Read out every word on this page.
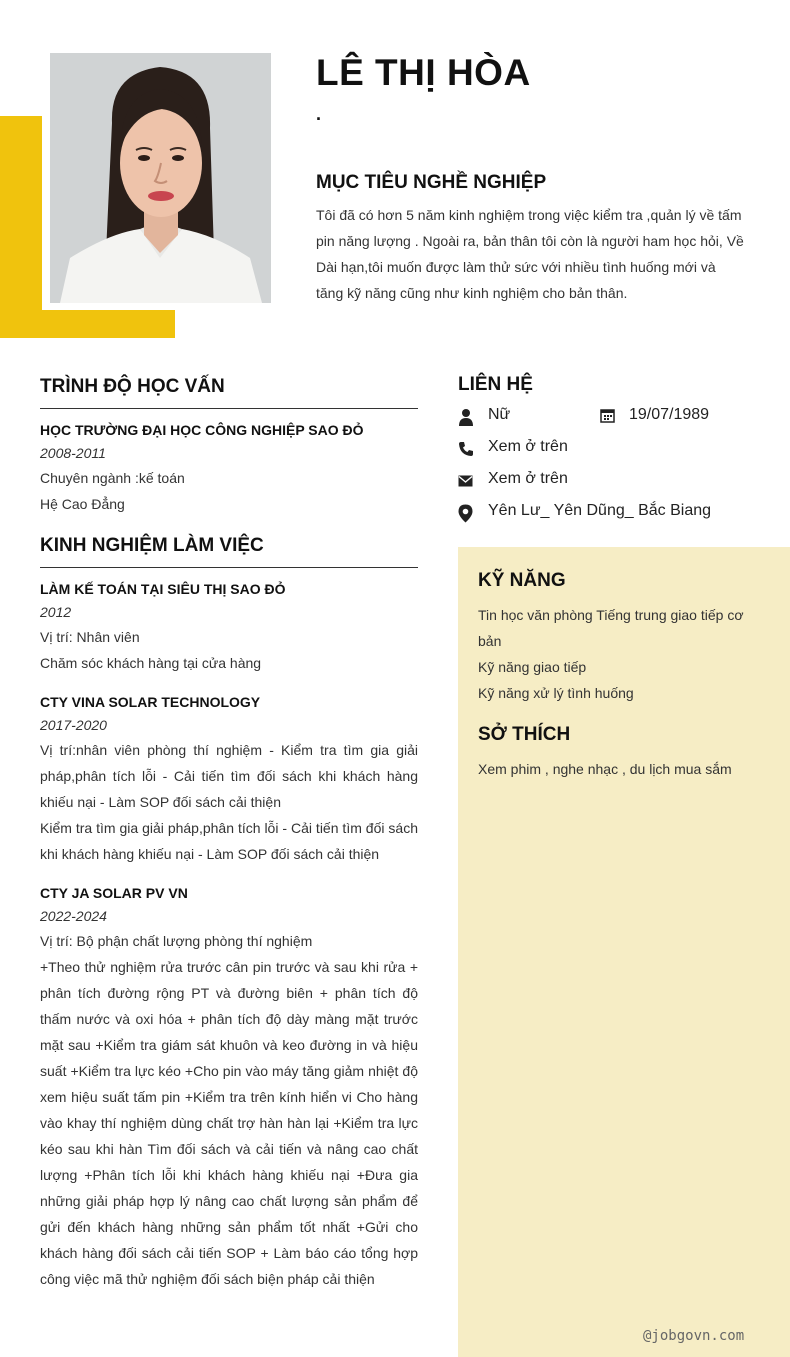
LÊ THỊ HÒA
.
MỤC TIÊU NGHỀ NGHIỆP
Tôi đã có hơn 5 năm kinh nghiệm trong việc kiểm tra ,quản lý về tấm pin năng lượng . Ngoài ra, bản thân tôi còn là người ham học hỏi, Về Dài hạn,tôi muốn được làm thử sức với nhiều tình huống mới và tăng kỹ năng cũng như kinh nghiệm cho bản thân.
TRÌNH ĐỘ HỌC VẤN
HỌC TRƯỜNG ĐẠI HỌC CÔNG NGHIỆP SAO ĐỎ
2008-2011
Chuyên ngành :kế toán
Hệ Cao Đẳng
KINH NGHIỆM LÀM VIỆC
LÀM KẾ TOÁN TẠI SIÊU THỊ SAO ĐỎ
2012
Vị trí: Nhân viên
Chăm sóc khách hàng tại cửa hàng
CTY VINA SOLAR TECHNOLOGY
2017-2020
Vị trí:nhân viên phòng thí nghiệm - Kiểm tra tìm gia giải pháp,phân tích lỗi - Cải tiến tìm đối sách khi khách hàng khiếu nại - Làm SOP đối sách cải thiện
Kiểm tra tìm gia giải pháp,phân tích lỗi - Cải tiến tìm đối sách khi khách hàng khiếu nại - Làm SOP đối sách cải thiện
CTY JA SOLAR PV VN
2022-2024
Vị trí: Bộ phận chất lượng phòng thí nghiệm
+Theo thử nghiệm rửa trước cân pin trước và sau khi rửa + phân tích đường rộng PT và đường biên + phân tích độ thấm nước và oxi hóa + phân tích độ dày màng mặt trước mặt sau +Kiểm tra giám sát khuôn và keo đường in và hiệu suất +Kiểm tra lực kéo +Cho pin vào máy tăng giảm nhiệt độ xem hiệu suất tấm pin +Kiểm tra trên kính hiển vi Cho hàng vào khay thí nghiệm dùng chất trợ hàn hàn lại +Kiểm tra lực kéo sau khi hàn Tìm đối sách và cải tiến và nâng cao chất lượng +Phân tích lỗi khi khách hàng khiếu nại +Đưa gia những giải pháp hợp lý nâng cao chất lượng sản phẩm để gửi đến khách hàng những sản phẩm tốt nhất +Gửi cho khách hàng đối sách cải tiến SOP + Làm báo cáo tổng hợp công việc mã thử nghiệm đối sách biện pháp cải thiện
LIÊN HỆ
Nữ	19/07/1989
Xem ở trên
Xem ở trên
Yên Lư_ Yên Dũng_ Bắc Biang
KỸ NĂNG
Tin học văn phòng Tiếng trung giao tiếp cơ bản
Kỹ năng giao tiếp
Kỹ năng xử lý tình huống
SỞ THÍCH
Xem phim , nghe nhạc , du lịch mua sắm
@jobgovn.com
